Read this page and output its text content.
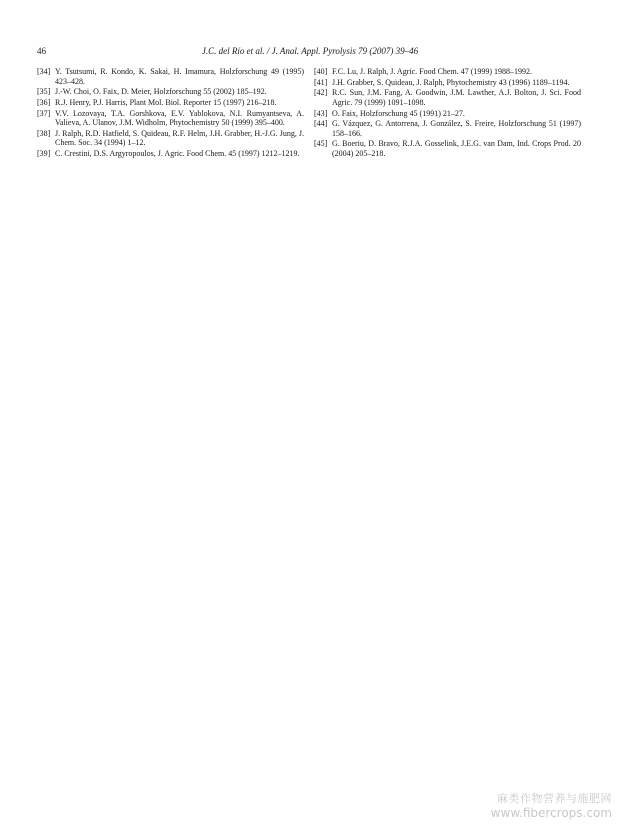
46	J.C. del Río et al. / J. Anal. Appl. Pyrolysis 79 (2007) 39–46
[34] Y. Tsutsumi, R. Kondo, K. Sakai, H. Imamura, Holzforschung 49 (1995) 423–428.
[35] J.-W. Choi, O. Faix, D. Meier, Holzforschung 55 (2002) 185–192.
[36] R.J. Henry, P.J. Harris, Plant Mol. Biol. Reporter 15 (1997) 216–218.
[37] V.V. Lozovaya, T.A. Gorshkova, E.V. Yablokova, N.I. Rumyantseva, A. Valieva, A. Ulanov, J.M. Widholm, Phytochemistry 50 (1999) 395–400.
[38] J. Ralph, R.D. Hatfield, S. Quideau, R.F. Helm, J.H. Grabber, H.-J.G. Jung, J. Chem. Soc. 34 (1994) 1–12.
[39] C. Crestini, D.S. Argyropoulos, J. Agric. Food Chem. 45 (1997) 1212–1219.
[40] F.C. Lu, J. Ralph, J. Agric. Food Chem. 47 (1999) 1988–1992.
[41] J.H. Grabber, S. Quideau, J. Ralph, Phytochemistry 43 (1996) 1189–1194.
[42] R.C. Sun, J.M. Fang, A. Goodwin, J.M. Lawther, A.J. Bolton, J. Sci. Food Agric. 79 (1999) 1091–1098.
[43] O. Faix, Holzforschung 45 (1991) 21–27.
[44] G. Vázquez, G. Antorrena, J. González, S. Freire, Holzforschung 51 (1997) 158–166.
[45] G. Boeriu, D. Bravo, R.J.A. Gosselink, J.E.G. van Dam, Ind. Crops Prod. 20 (2004) 205–218.
麻类作物营养与施肥网
www.fibercrops.com
